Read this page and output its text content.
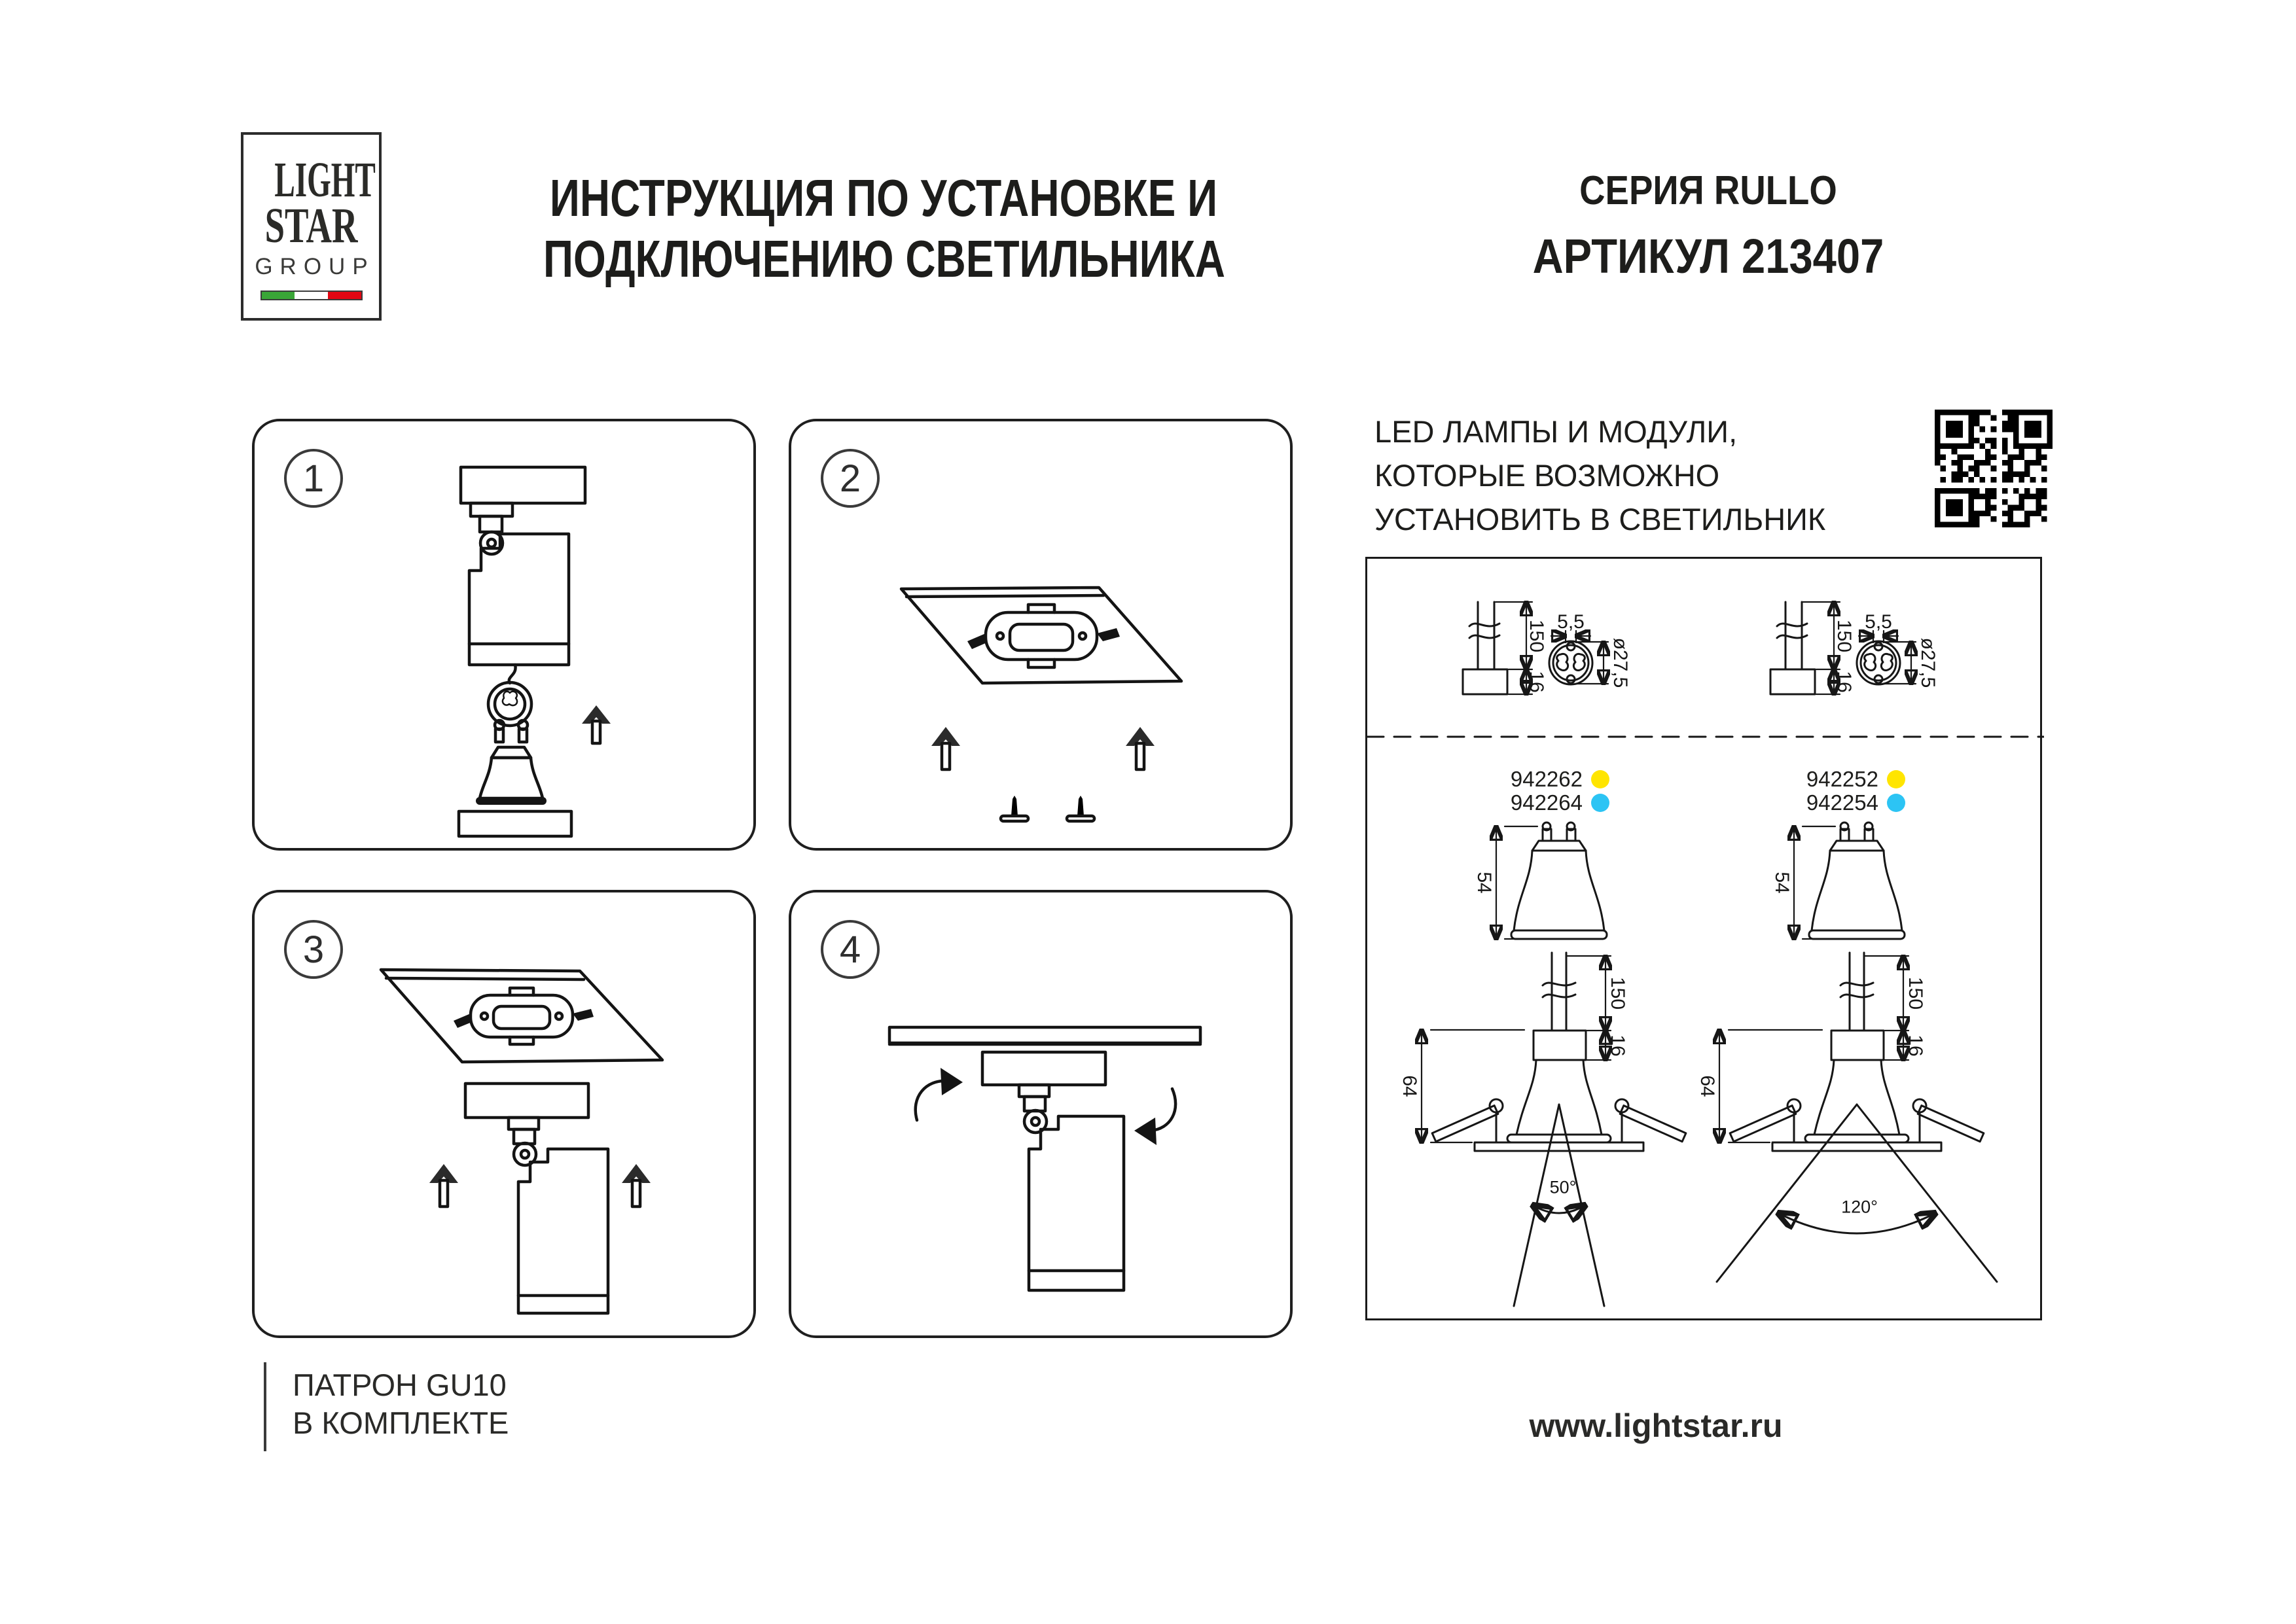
LIGHT
STAR
GROUP
ИНСТРУКЦИЯ ПО УСТАНОВКЕ И
ПОДКЛЮЧЕНИЮ СВЕТИЛЬНИКА
СЕРИЯ RULLO
АРТИКУЛ 213407
1	2
3	4
LED ЛАМПЫ И МОДУЛИ,
КОТОРЫЕ ВОЗМОЖНО
УСТАНОВИТЬ В СВЕТИЛЬНИК
150
16
5,5
ø27,5
150
16
5,5
ø27,5
942262
942264
942252
942254
54
150
16
64
54
150
16
64
50°
120°
ПАТРОН GU10
В КОМПЛЕКТЕ	www.lightstar.ru
